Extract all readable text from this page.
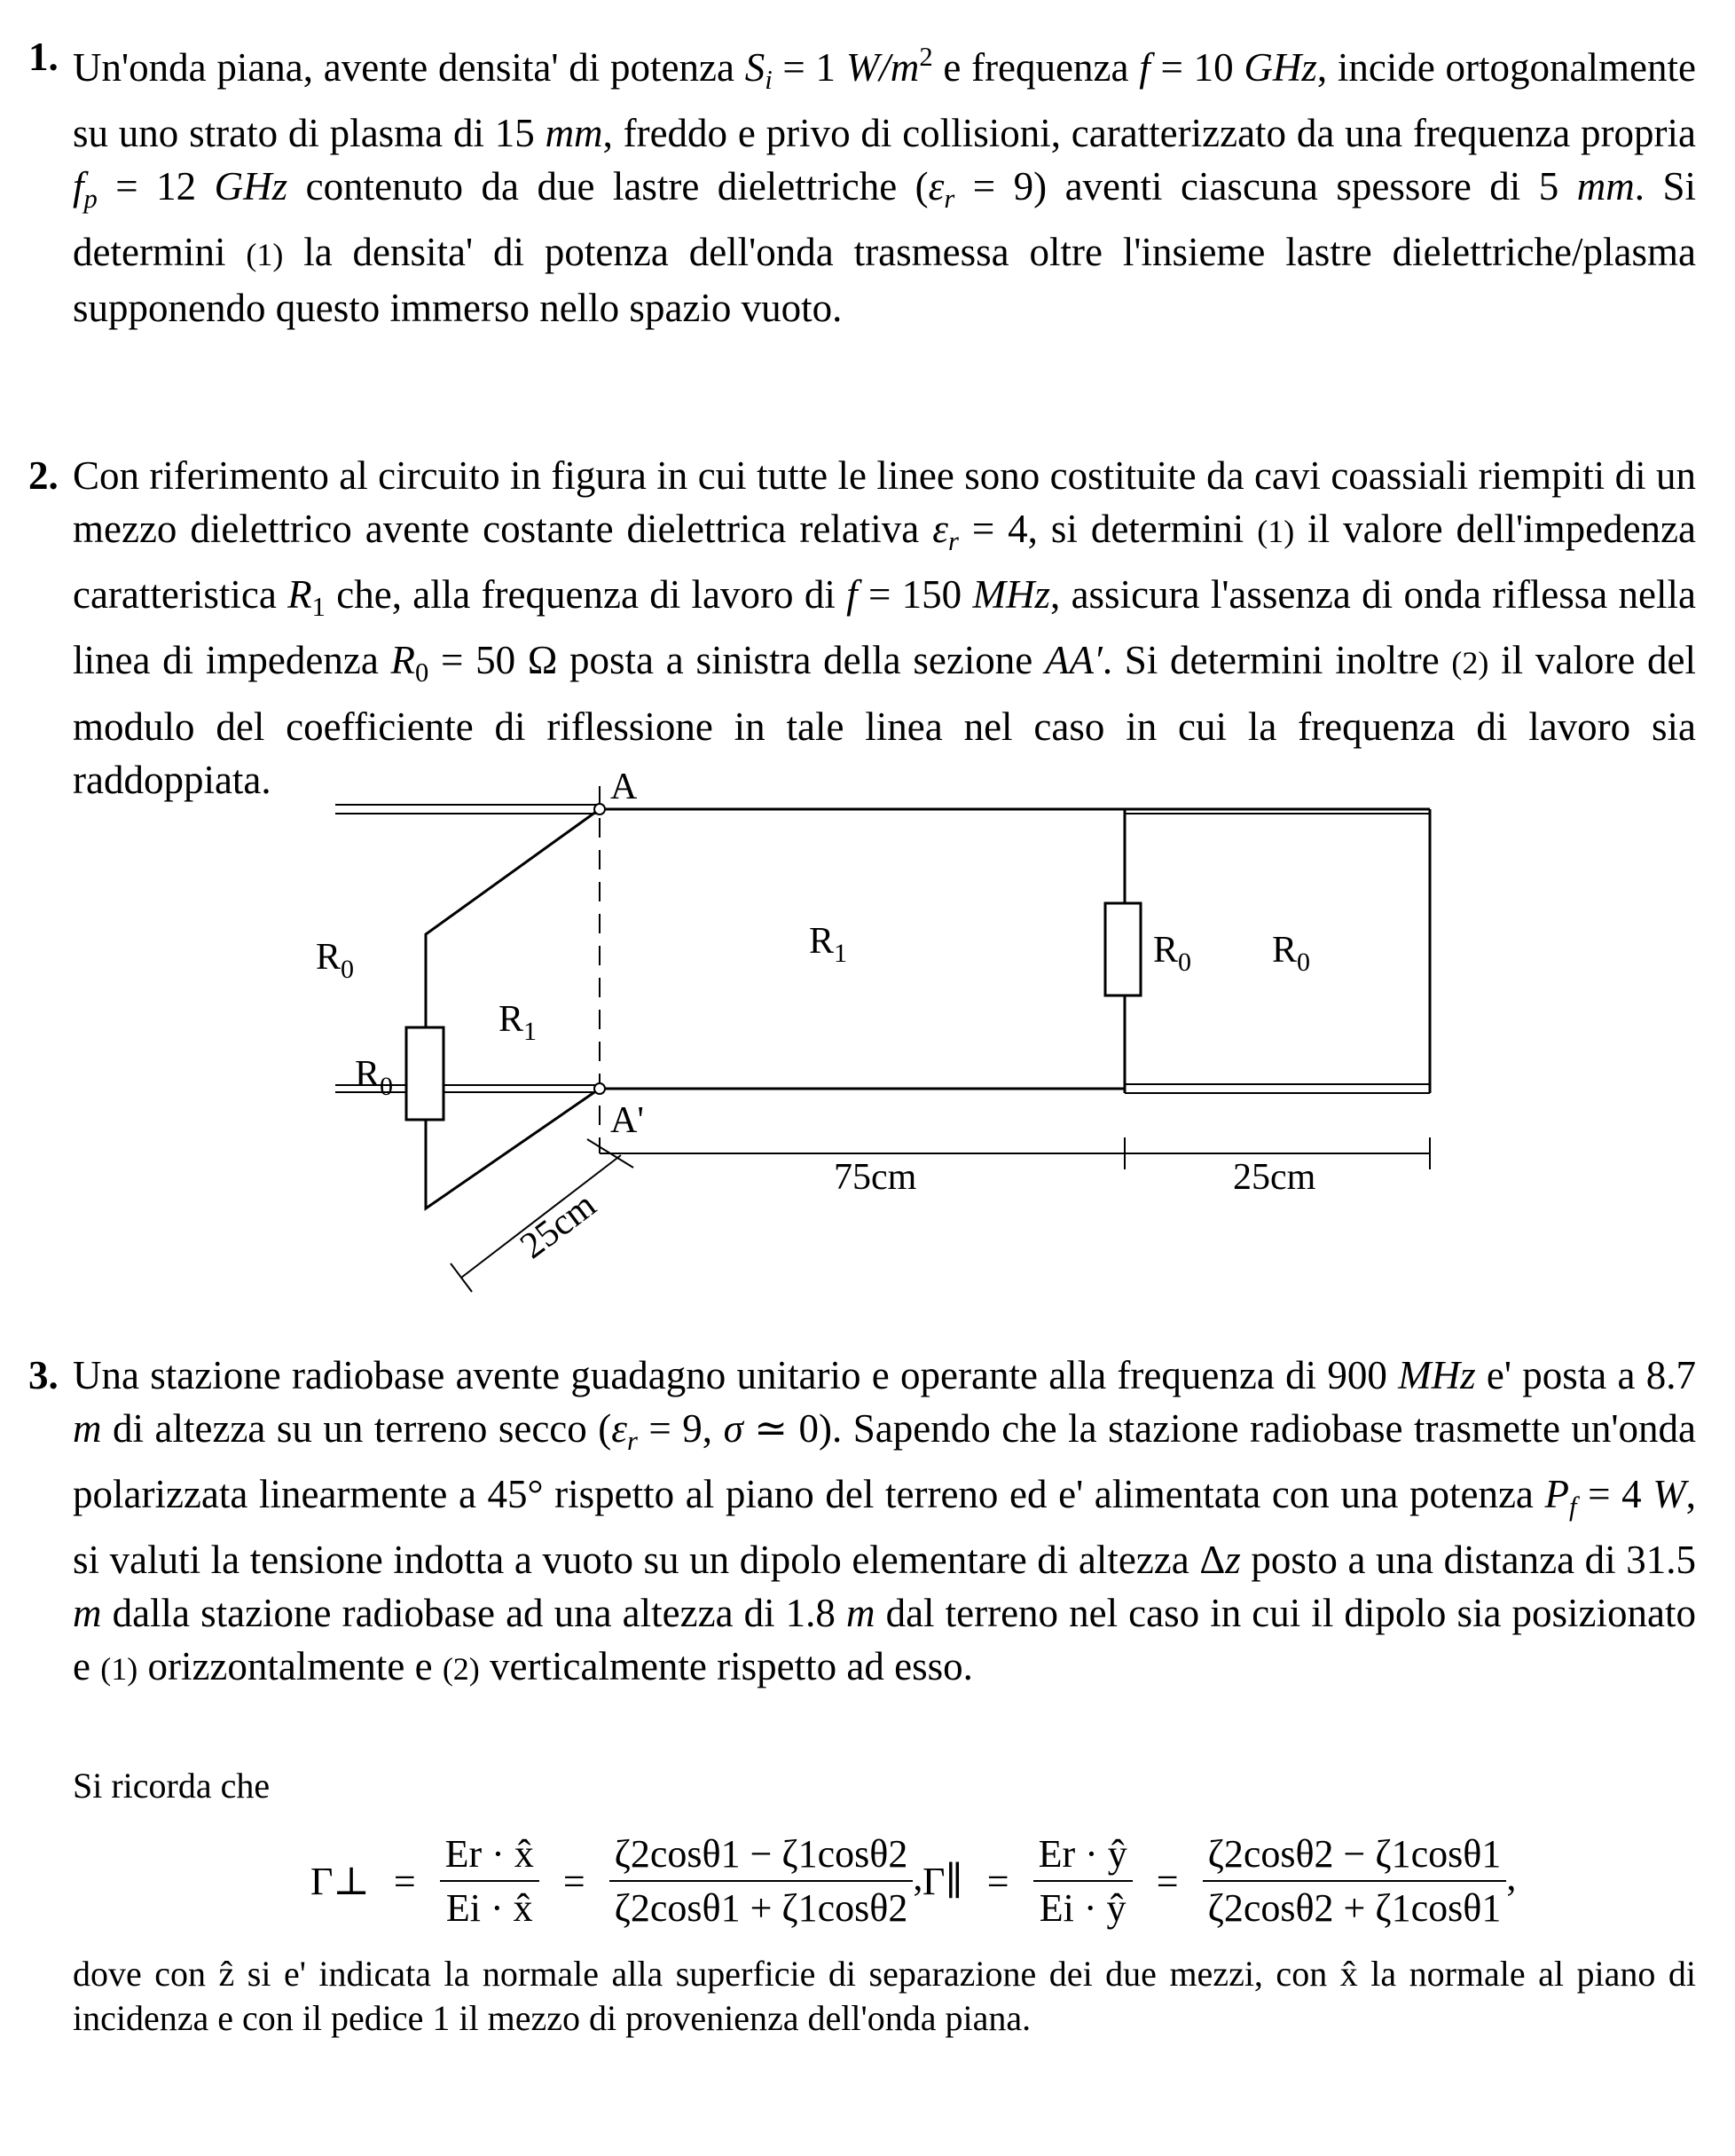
1. Un'onda piana, avente densita' di potenza $S_i = 1$ $W/m^2$ e frequenza f = 10 GHz, incide ortogonalmente su uno strato di plasma di 15 mm, freddo e privo di collisioni, caratterizzato da una frequenza propria $f_p = 12$ GHz contenuto da due lastre dielettriche $(\varepsilon_r = 9)$ aventi ciascuna spessore di 5 mm. Si determini (1) la densita' di potenza dell'onda trasmessa oltre l'insieme lastre dielettriche/plasma supponendo questo immerso nello spazio vuoto.
2. Con riferimento al circuito in figura in cui tutte le linee sono costituite da cavi coassiali riempiti di un mezzo dielettrico avente costante dielettrica relativa $\varepsilon_r = 4$, si determini (1) il valore dell'impedenza caratteristica $R_1$ che, alla frequenza di lavoro di f = 150 MHz, assicura l'assenza di onda riflessa nella linea di impedenza $R_0 = 50$ Ω posta a sinistra della sezione AA′. Si determini inoltre (2) il valore del modulo del coefficiente di riflessione in tale linea nel caso in cui la frequenza di lavoro sia raddoppiata.	A
A'
$R_0$
$R_0$
$R_1$
$R_1$	$R_0$ $R_0$
75cm	25cm
25cm
3. Una stazione radiobase avente guadagno unitario e operante alla frequenza di 900 MHz e' posta a 8.7 m di altezza su un terreno secco ($\varepsilon_r = 9$, σ ≃ 0). Sapendo che la stazione radiobase trasmette un'onda polarizzata linearmente a 45° rispetto al piano del terreno ed e' alimentata con una potenza $P_f = 4$ W, si valuti la tensione indotta a vuoto su un dipolo elementare di altezza Δz posto a una distanza di 31.5 m dalla stazione radiobase ad una altezza di 1.8 m dal terreno nel caso in cui il dipolo sia posizionato e (1) orizzontalmente e (2) verticalmente rispetto ad esso.
Si ricorda che
Γ⊥ = $\frac{Er \cdot x̂}{Ei \cdot x̂} = \frac{\zeta 2\cos\theta 1 - \zeta 1\cos\theta 2}{\zeta 2\cos\theta 1 + \zeta 1\cos\theta 2}$ , Γ∥ = $\frac{Er \cdot ŷ}{Ei \cdot ŷ} = \frac{\zeta 2\cos\theta 2 - \zeta 1\cos\theta 1}{\zeta 2\cos\theta 2 + \zeta 1\cos\theta 1}$ ,
dove con ẑ si e' indicata la normale alla superficie di separazione dei due mezzi, con x̂ la normale al piano di incidenza e con il pedice 1 il mezzo di provenienza dell'onda piana.
